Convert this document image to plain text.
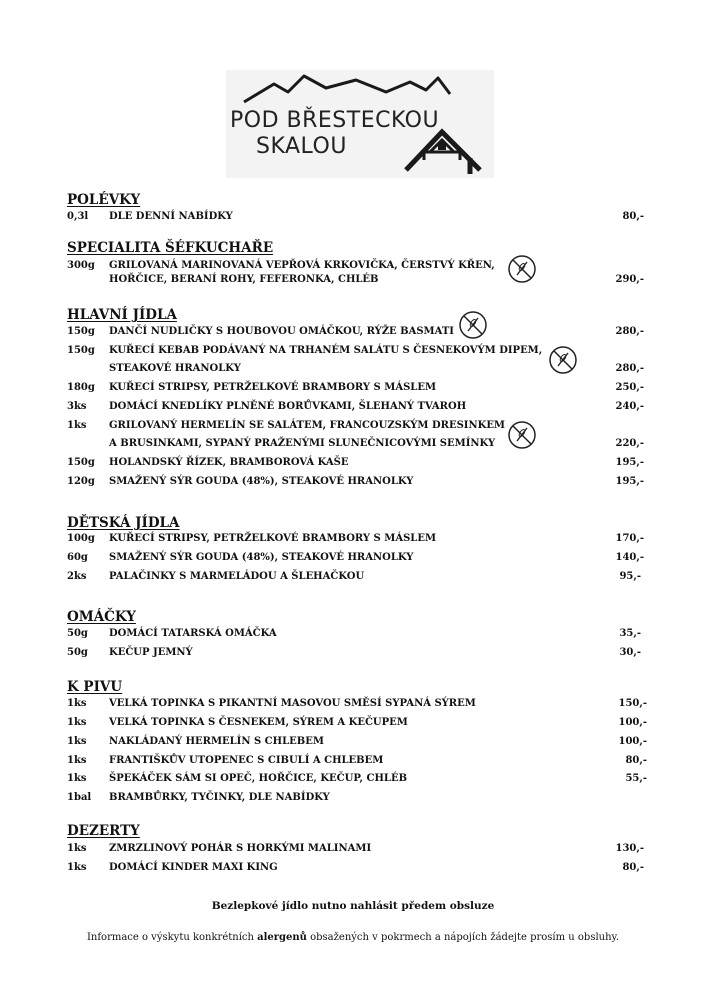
POD BŘESTECKOU
SKALOU
POLÉVKY
0,3l DLE DENNÍ NABÍDKY	80,-
SPECIALITA ŠÉFKUCHAŘE
300g GRILOVANÁ MARINOVANÁ VEPŘOVÁ KRKOVIČKA, ČERSTVÝ KŘEN,
HOŘČICE, BERANÍ ROHY, FEFERONKA, CHLÉB	290,-
HLAVNÍ JÍDLA
150g DANČÍ NUDLIČKY S HOUBOVOU OMÁČKOU, RÝŽE BASMATI	280,-
150g KUŘECÍ KEBAB PODÁVANÝ NA TRHANÉM SALÁTU S ČESNEKOVÝM DIPEM,
STEAKOVÉ HRANOLKY	280,-
180g KUŘECÍ STRIPSY, PETRŽELKOVÉ BRAMBORY S MÁSLEM	250,-
3ks DOMÁCÍ KNEDLÍKY PLNĚNÉ BORŮVKAMI, ŠLEHANÝ TVAROH	240,-
1ks GRILOVANÝ HERMELÍN SE SALÁTEM, FRANCOUZSKÝM DRESINKEM
A BRUSINKAMI, SYPANÝ PRAŽENÝMI SLUNEČNICOVÝMI SEMÍNKY	220,-
150g HOLANDSKÝ ŘÍZEK, BRAMBOROVÁ KAŠE	195,-
120g SMAŽENÝ SÝR GOUDA (48%), STEAKOVÉ HRANOLKY	195,-
DĚTSKÁ JÍDLA
100g KUŘECÍ STRIPSY, PETRŽELKOVÉ BRAMBORY S MÁSLEM	170,-
60g SMAŽENÝ SÝR GOUDA (48%), STEAKOVÉ HRANOLKY	140,-
2ks PALAČINKY S MARMELÁDOU A ŠLEHAČKOU	95,-
OMÁČKY
50g DOMÁCÍ TATARSKÁ OMÁČKA	35,-
50g KEČUP JEMNÝ	30,-
K PIVU
1ks VELKÁ TOPINKA S PIKANTNÍ MASOVOU SMĚSÍ SYPANÁ SÝREM	150,-
1ks VELKÁ TOPINKA S ČESNEKEM, SÝREM A KEČUPEM	100,-
1ks NAKLÁDANÝ HERMELÍN S CHLEBEM	100,-
1ks FRANTIŠKŮV UTOPENEC S CIBULÍ A CHLEBEM	80,-
1ks ŠPEKÁČEK SÁM SI OPEČ, HOŘČICE, KEČUP, CHLÉB	55,-
1bal BRAMBŮRKY, TYČINKY, DLE NABÍDKY
DEZERTY
1ks ZMRZLINOVÝ POHÁR S HORKÝMI MALINAMI	130,-
1ks DOMÁCÍ KINDER MAXI KING	80,-
Bezlepkové jídlo nutno nahlásit předem obsluze
Informace o výskytu konkrétních alergenů obsažených v pokrmech a nápojích žádejte prosím u obsluhy.
